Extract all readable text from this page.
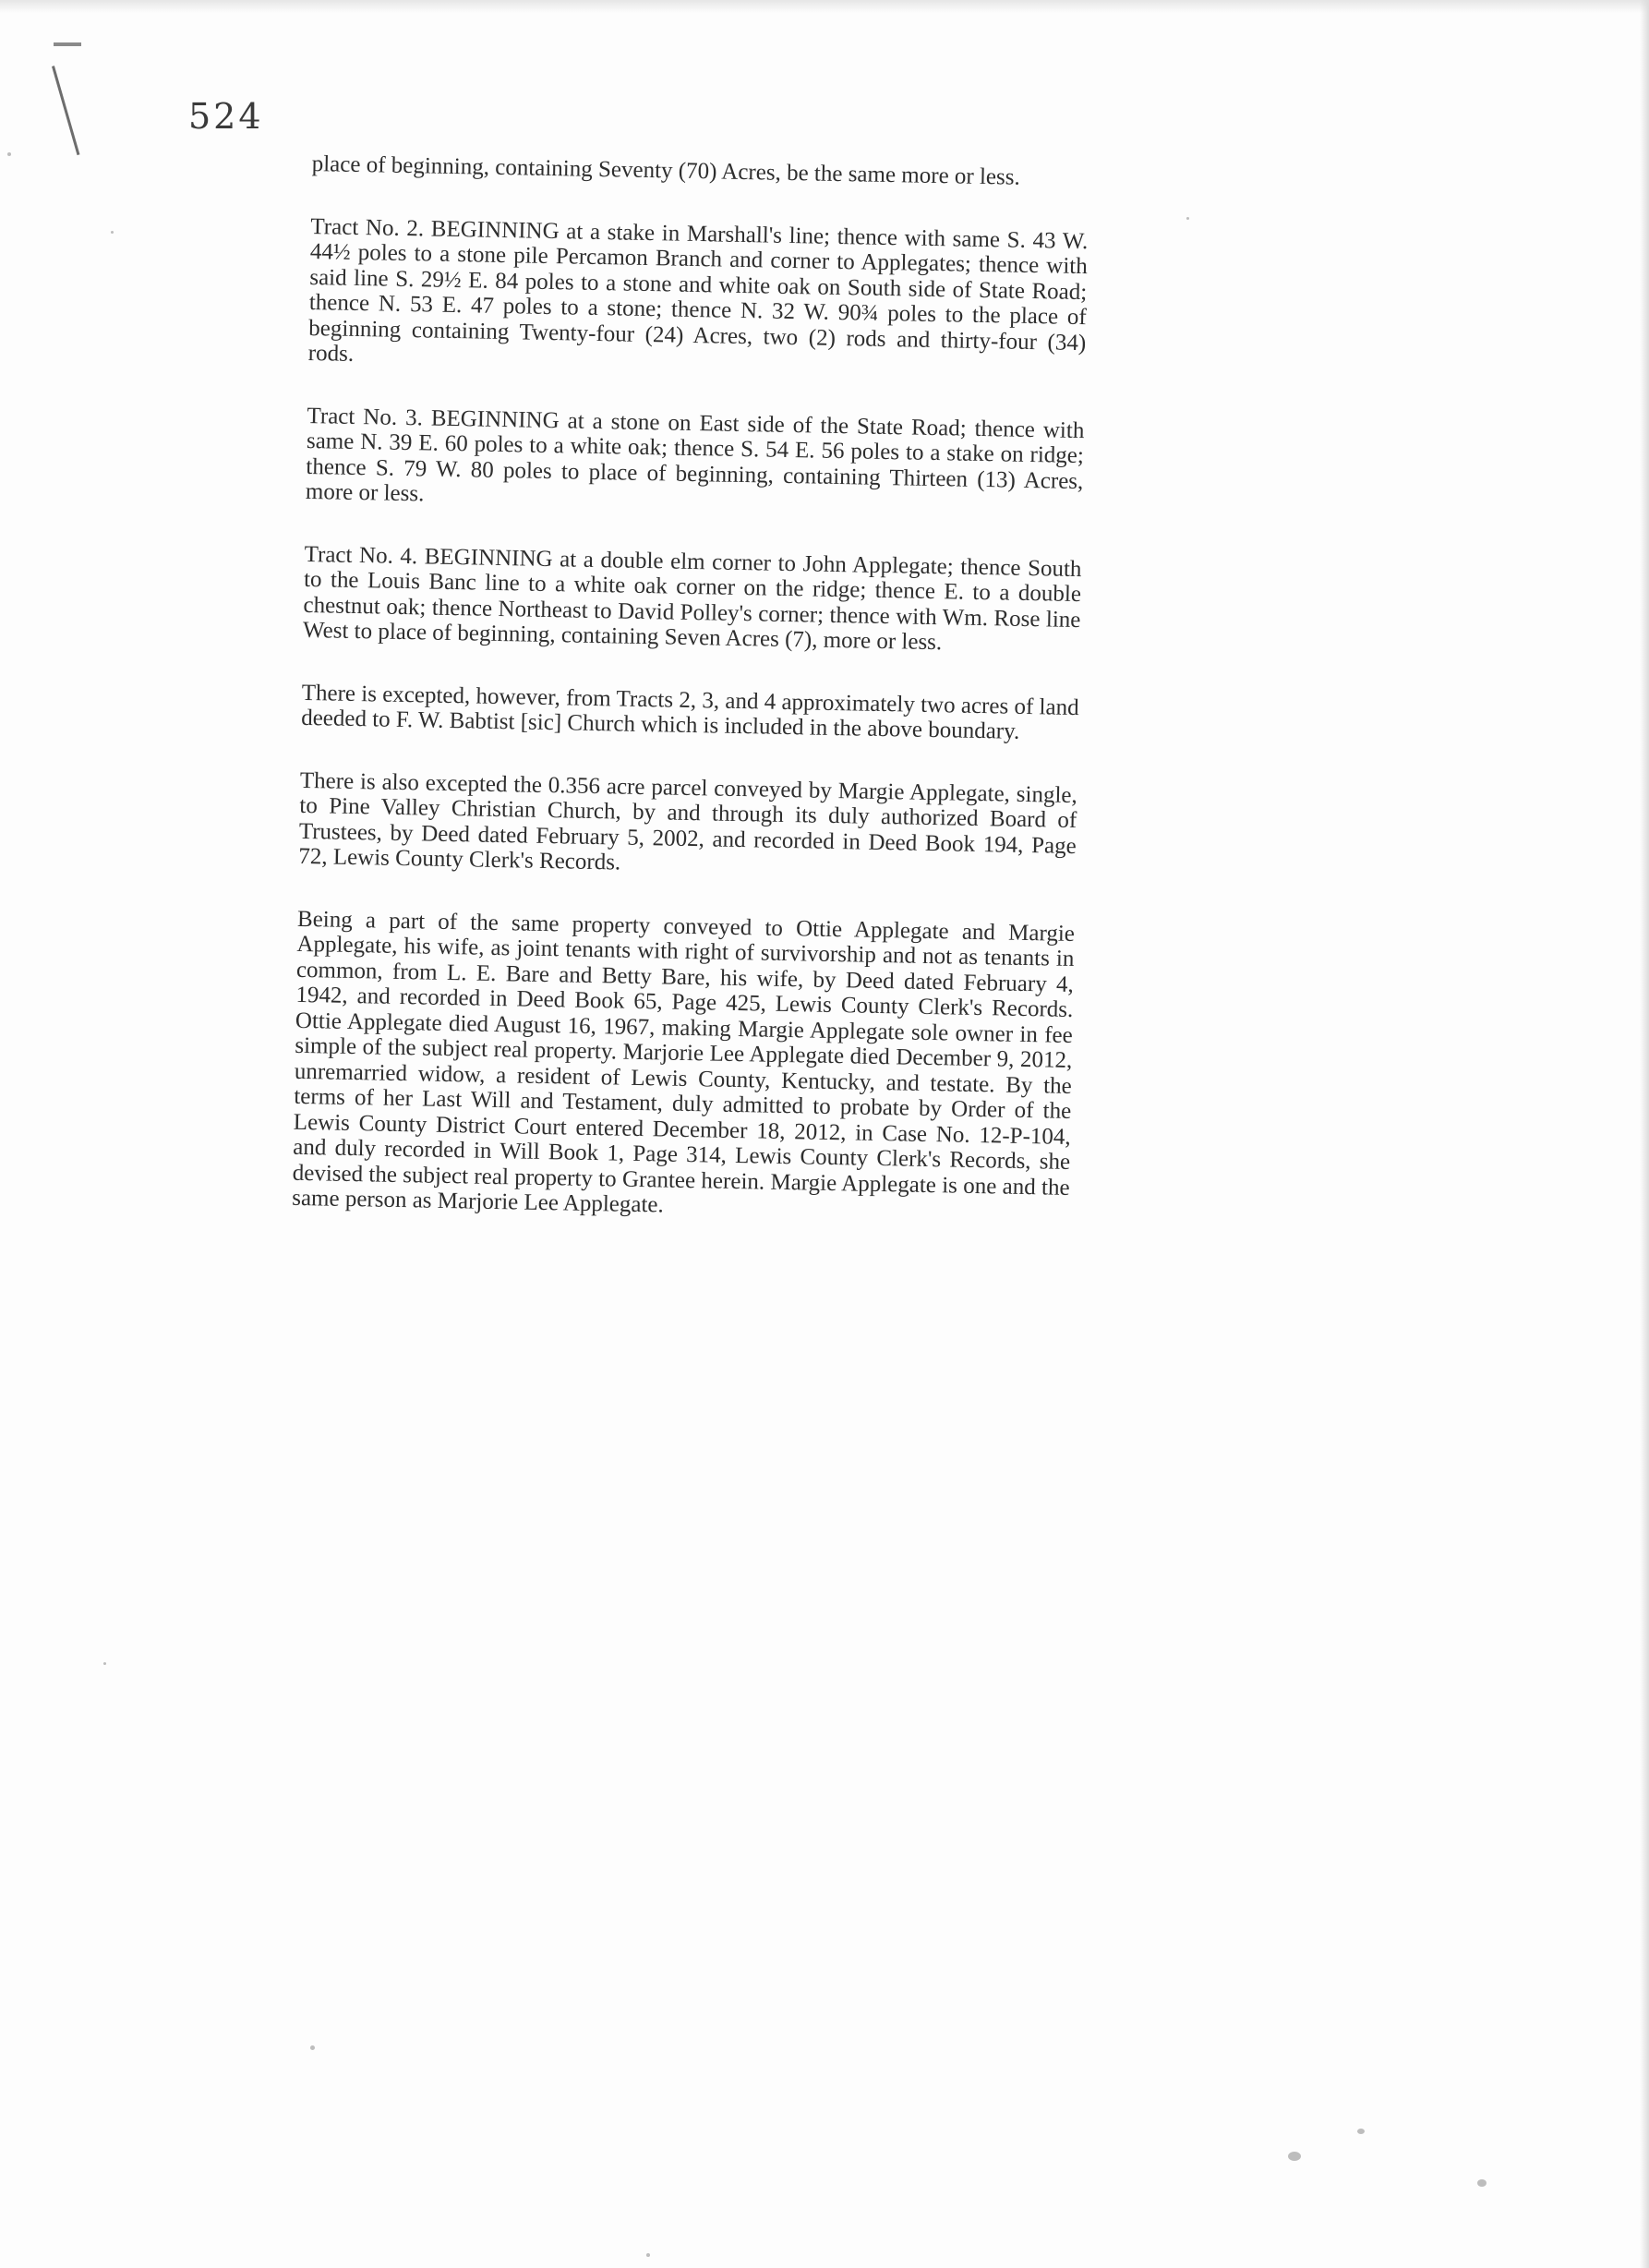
524

place of beginning, containing Seventy (70) Acres, be the same more or less.

Tract No. 2. BEGINNING at a stake in Marshall's line; thence with same S. 43 W. 44½ poles to a stone pile Percamon Branch and corner to Applegates; thence with said line S. 29½ E. 84 poles to a stone and white oak on South side of State Road; thence N. 53 E. 47 poles to a stone; thence N. 32 W. 90¾ poles to the place of beginning containing Twenty-four (24) Acres, two (2) rods and thirty-four (34) rods.

Tract No. 3. BEGINNING at a stone on East side of the State Road; thence with same N. 39 E. 60 poles to a white oak; thence S. 54 E. 56 poles to a stake on ridge; thence S. 79 W. 80 poles to place of beginning, containing Thirteen (13) Acres, more or less.

Tract No. 4. BEGINNING at a double elm corner to John Applegate; thence South to the Louis Banc line to a white oak corner on the ridge; thence E. to a double chestnut oak; thence Northeast to David Polley's corner; thence with Wm. Rose line West to place of beginning, containing Seven Acres (7), more or less.

There is excepted, however, from Tracts 2, 3, and 4 approximately two acres of land deeded to F. W. Babtist [sic] Church which is included in the above boundary.

There is also excepted the 0.356 acre parcel conveyed by Margie Applegate, single, to Pine Valley Christian Church, by and through its duly authorized Board of Trustees, by Deed dated February 5, 2002, and recorded in Deed Book 194, Page 72, Lewis County Clerk's Records.

Being a part of the same property conveyed to Ottie Applegate and Margie Applegate, his wife, as joint tenants with right of survivorship and not as tenants in common, from L. E. Bare and Betty Bare, his wife, by Deed dated February 4, 1942, and recorded in Deed Book 65, Page 425, Lewis County Clerk's Records. Ottie Applegate died August 16, 1967, making Margie Applegate sole owner in fee simple of the subject real property. Marjorie Lee Applegate died December 9, 2012, unremarried widow, a resident of Lewis County, Kentucky, and testate. By the terms of her Last Will and Testament, duly admitted to probate by Order of the Lewis County District Court entered December 18, 2012, in Case No. 12-P-104, and duly recorded in Will Book 1, Page 314, Lewis County Clerk's Records, she devised the subject real property to Grantee herein. Margie Applegate is one and the same person as Marjorie Lee Applegate.
